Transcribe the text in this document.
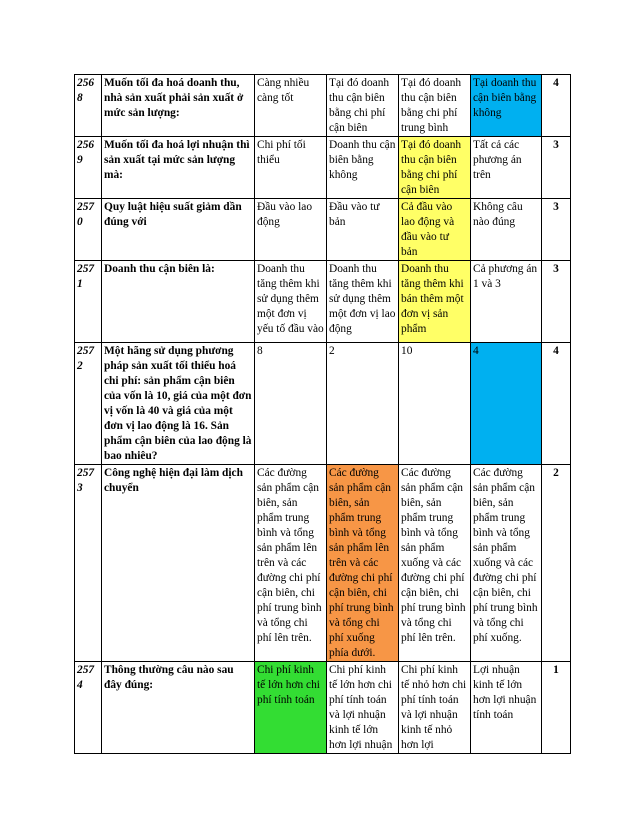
2568	Muốn tối đa hoá doanh thu, nhà sản xuất phải sản xuất ở mức sản lượng:	Càng nhiều càng tốt	Tại đó doanh thu cận biên bằng chi phí cận biên	Tại đó doanh thu cận biên bằng chi phí trung bình	Tại doanh thu cận biên bằng không	4
2569	Muốn tối đa hoá lợi nhuận thì sản xuất tại mức sản lượng mà:	Chi phí tối thiểu	Doanh thu cận biên bằng không	Tại đó doanh thu cận biên bằng chi phí cận biên	Tất cả các phương án trên	3
2570	Quy luật hiệu suất giảm dần đúng với	Đầu vào lao động	Đầu vào tư bản	Cả đầu vào lao động và đầu vào tư bản	Không câu nào đúng	3
2571	Doanh thu cận biên là:	Doanh thu tăng thêm khi sử dụng thêm một đơn vị yếu tố đầu vào	Doanh thu tăng thêm khi sử dụng thêm một đơn vị lao động	Doanh thu tăng thêm khi bán thêm một đơn vị sản phẩm	Cả phương án 1 và 3	3
2572	Một hãng sử dụng phương pháp sản xuất tối thiểu hoá chi phí: sản phẩm cận biên của vốn là 10, giá của một đơn vị vốn là 40 và giá của một đơn vị lao động là 16. Sản phẩm cận biên của lao động là bao nhiêu?	8	2	10	4	4
2573	Công nghệ hiện đại làm dịch chuyển	Các đường sản phẩm cận biên, sản phẩm trung bình và tổng sản phẩm lên trên và các đường chi phí cận biên, chi phí trung bình và tổng chi phí lên trên.	Các đường sản phẩm cận biên, sản phẩm trung bình và tổng sản phẩm lên trên và các đường chi phí cận biên, chi phí trung bình và tổng chi phí xuống phía dưới.	Các đường sản phẩm cận biên, sản phẩm trung bình và tổng sản phẩm xuống và các đường chi phí cận biên, chi phí trung bình và tổng chi phí lên trên.	Các đường sản phẩm cận biên, sản phẩm trung bình và tổng sản phẩm xuống và các đường chi phí cận biên, chi phí trung bình và tổng chi phí xuống.	2
2574	Thông thường câu nào sau đây đúng:	Chi phí kinh tế lớn hơn chi phí tính toán	Chi phí kinh tế lớn hơn chi phí tính toán và lợi nhuận kinh tế lớn hơn lợi nhuận	Chi phí kinh tế nhỏ hơn chi phí tính toán và lợi nhuận kinh tế nhỏ hơn lợi	Lợi nhuận kinh tế lớn hơn lợi nhuận tính toán	1
